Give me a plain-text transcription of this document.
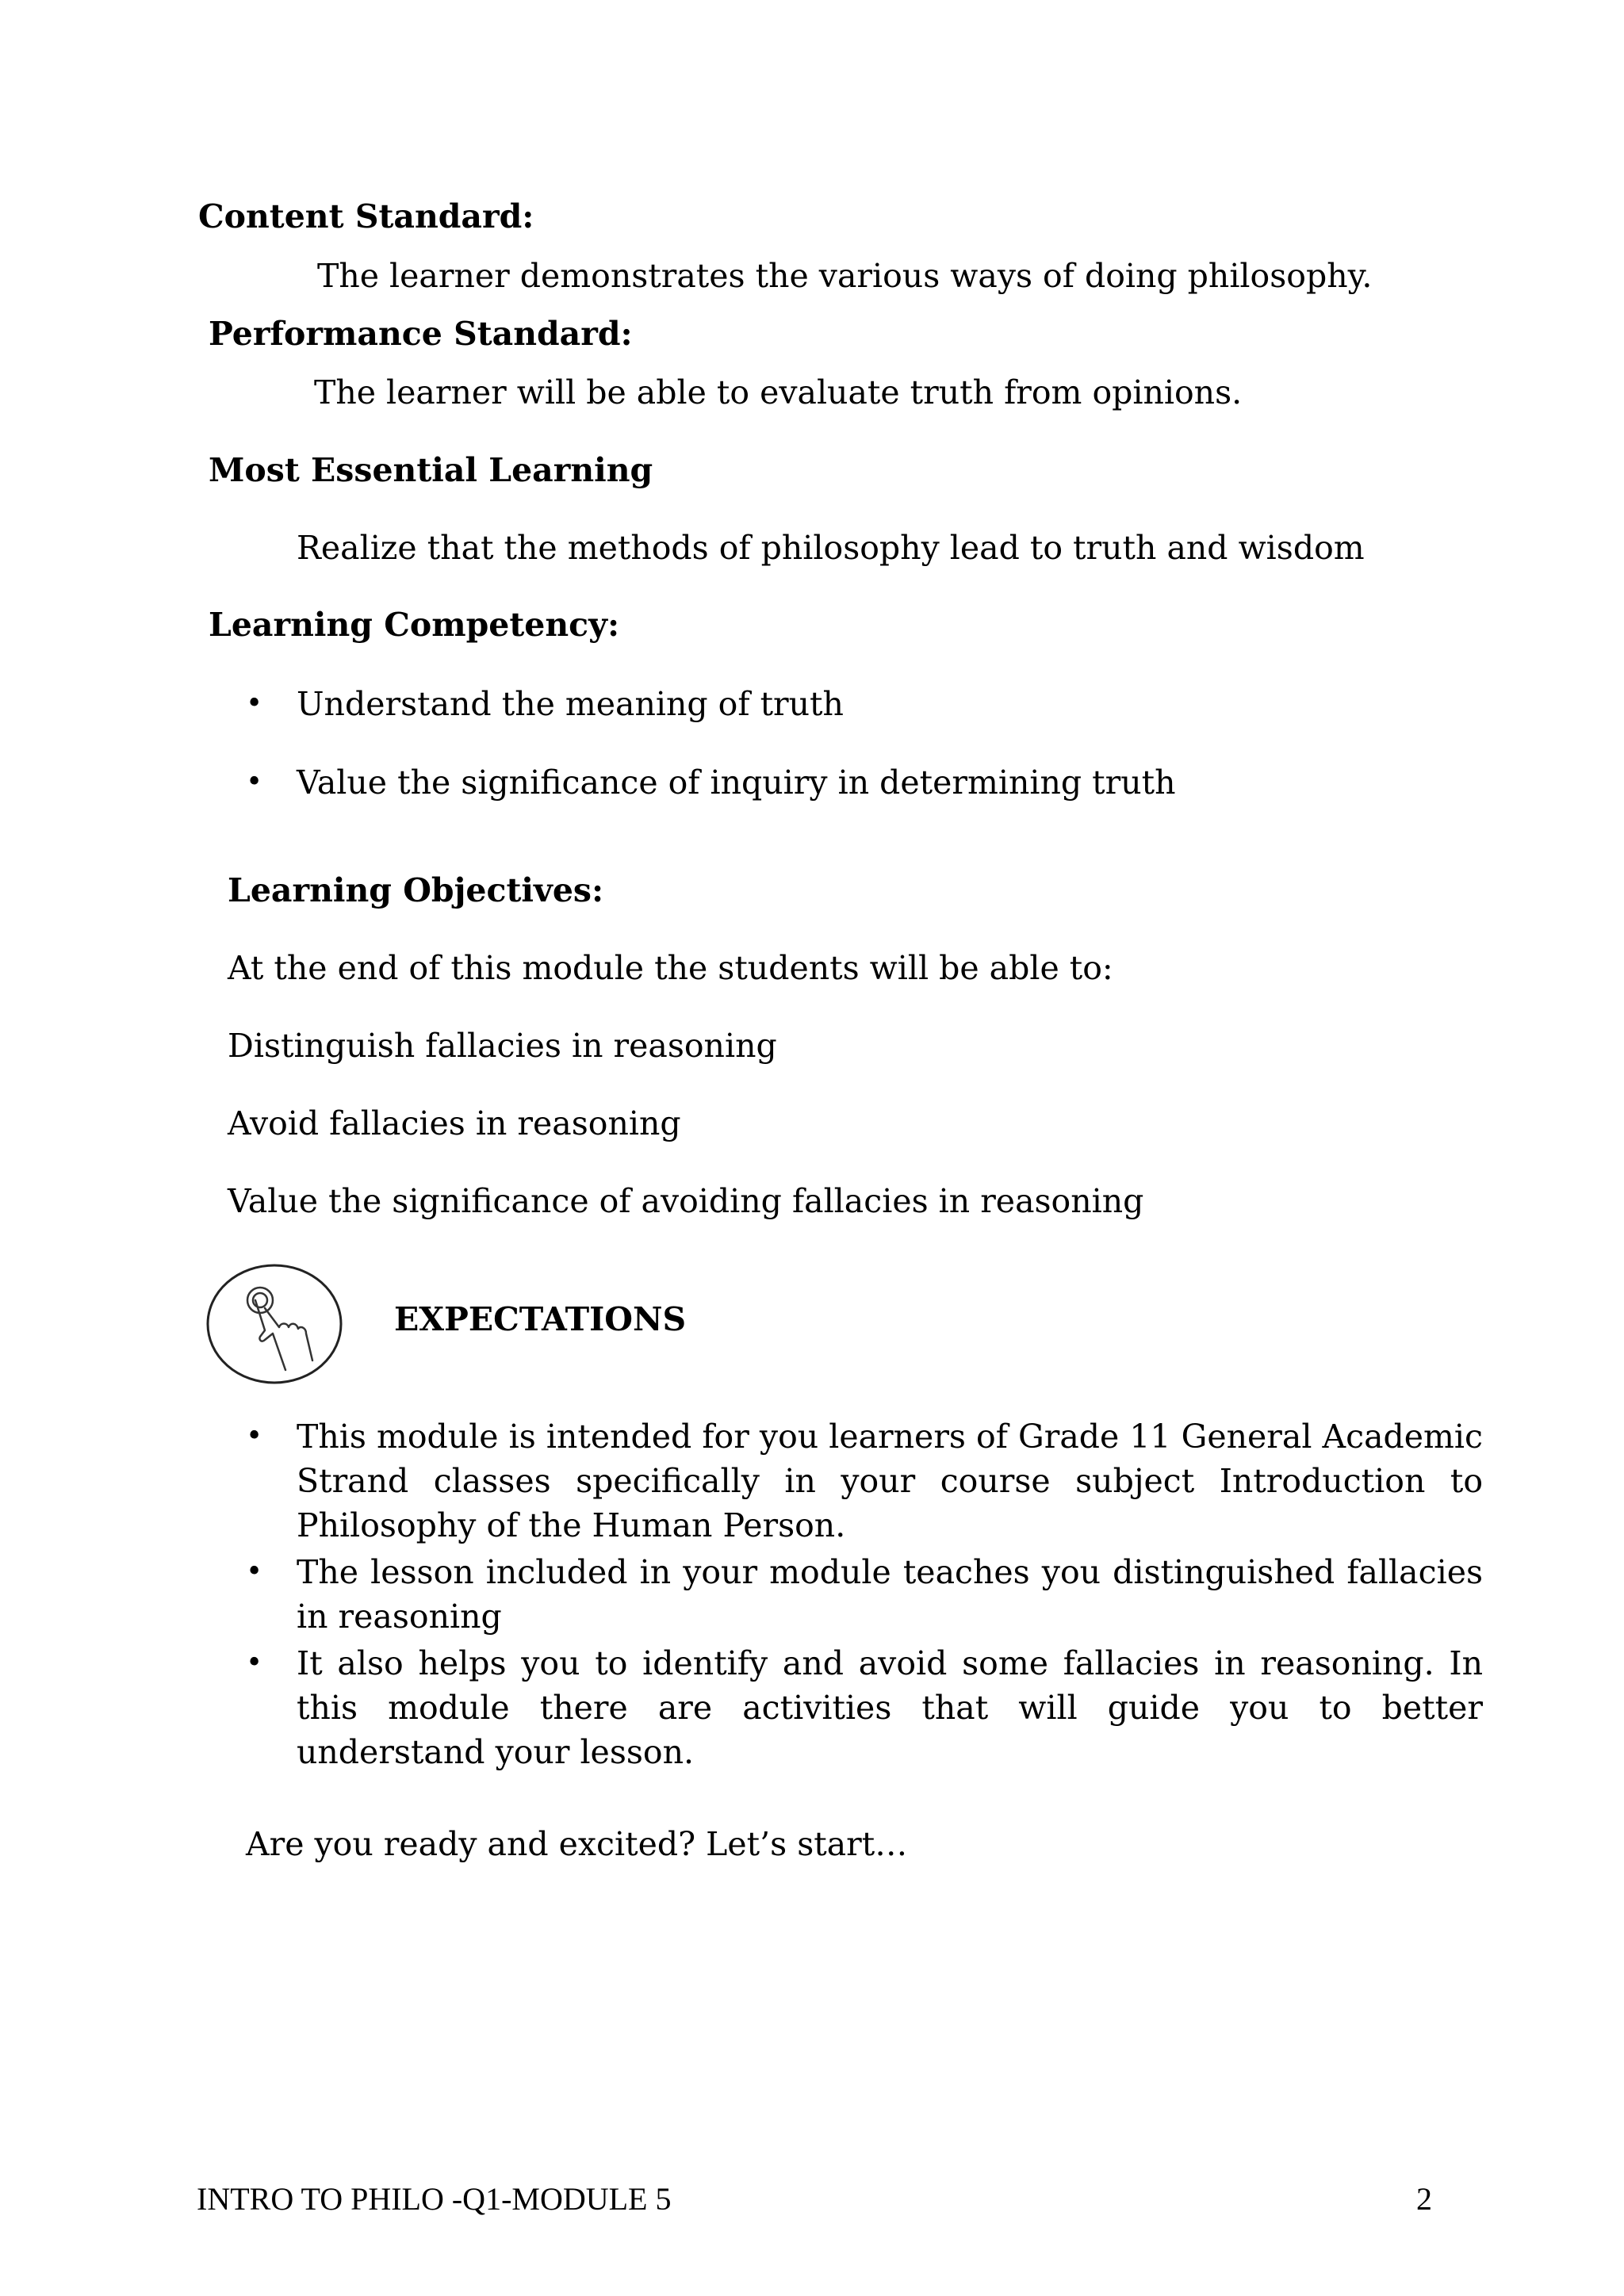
Content Standard:
The learner demonstrates the various ways of doing philosophy.
Performance Standard:
The learner will be able to evaluate truth from opinions.
Most Essential Learning
Realize that the methods of philosophy lead to truth and wisdom
Learning Competency:
• Understand the meaning of truth
• Value the significance of inquiry in determining truth
Learning Objectives:
At the end of this module the students will be able to:
Distinguish fallacies in reasoning
Avoid fallacies in reasoning
Value the significance of avoiding fallacies in reasoning
EXPECTATIONS
• This module is intended for you learners of Grade 11 General Academic Strand classes specifically in your course subject Introduction to Philosophy of the Human Person.
• The lesson included in your module teaches you distinguished fallacies in reasoning
• It also helps you to identify and avoid some fallacies in reasoning. In this module there are activities that will guide you to better understand your lesson.
Are you ready and excited? Let’s start…
INTRO TO PHILO -Q1-MODULE 5	2
